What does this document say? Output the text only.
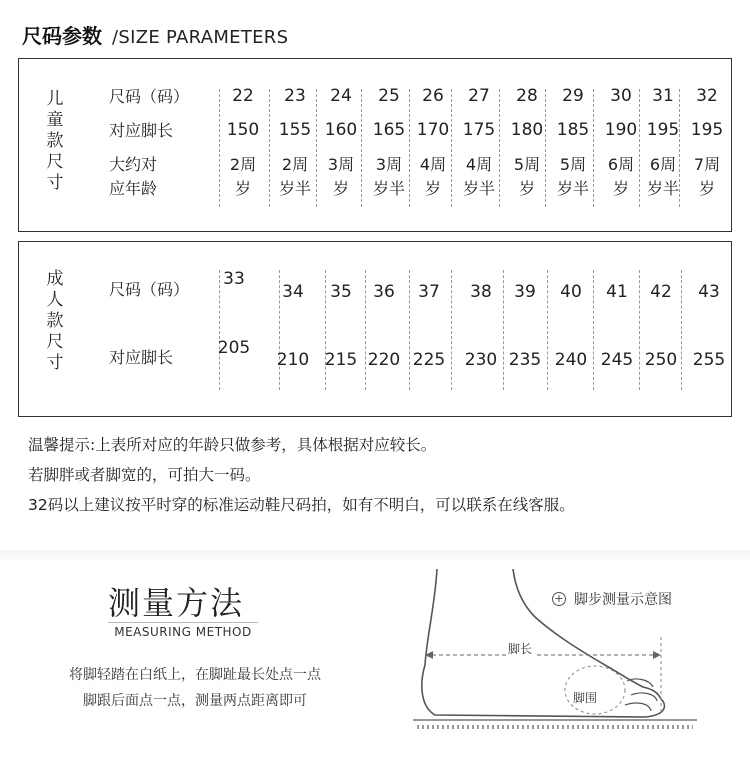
尺码参数 /SIZE PARAMETERS
儿
童
款
尺
寸
尺码（码）
对应脚长
大约对
应年龄
22
150
2周
岁
23
155
2周
岁半
24
160
3周
岁
25
165
3周
岁半
26
170
4周
岁
27
175
4周
岁半
28
180
5周
岁
29
185
5周
岁半
30
190
6周
岁
31
195
6周
岁半
32
195
7周
岁
成
人
款
尺
寸
尺码（码）
对应脚长
33
205
34
210
35
215
36
220
37
225
38
230
39
235
40
240
41
245
42
250
43
255
温馨提示:上表所对应的年龄只做参考，具体根据对应较长。
若脚胖或者脚宽的，可拍大一码。
32码以上建议按平时穿的标准运动鞋尺码拍，如有不明白，可以联系在线客服。
测量方法
MEASURING METHOD
将脚轻踏在白纸上，在脚趾最长处点一点
脚跟后面点一点，测量两点距离即可
+ 脚步测量示意图
脚长
脚围
